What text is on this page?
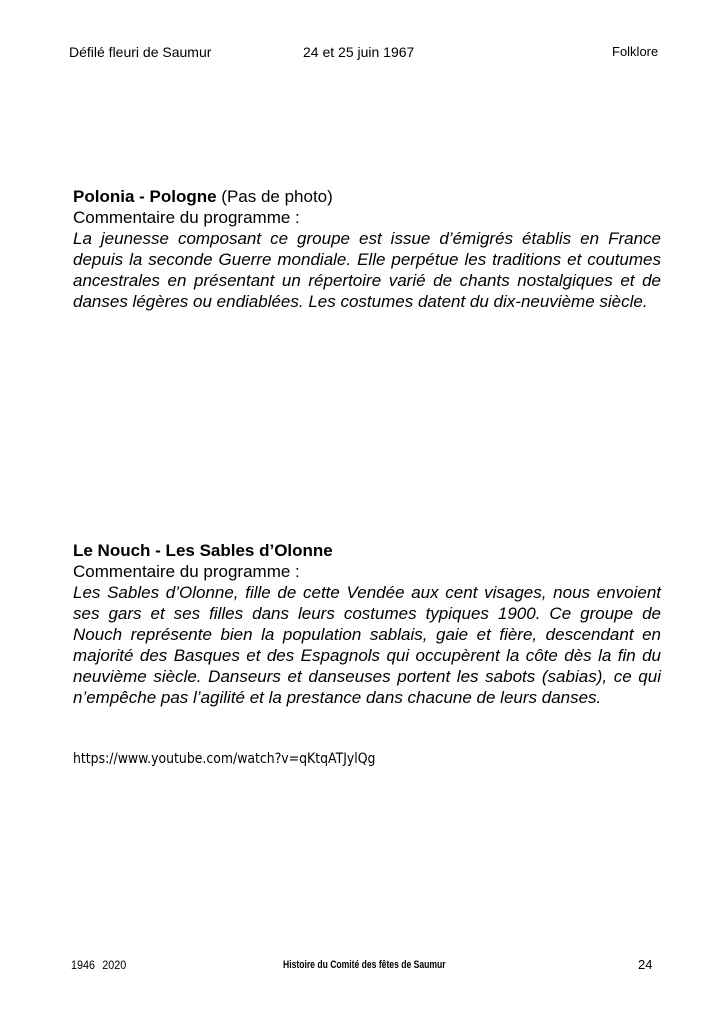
Défilé fleuri de Saumur	24 et 25 juin 1967	Folklore
Polonia - Pologne (Pas de photo)
Commentaire du programme :

La jeunesse composant ce groupe est issue d’émigrés établis en France depuis la seconde Guerre mondiale. Elle perpétue les traditions et coutumes ancestrales en présentant un répertoire varié de chants nostalgiques et de danses légères ou endiablées. Les costumes datent du dix-neuvième siècle.

Le Nouch - Les Sables d’Olonne
Commentaire du programme :

Les Sables d’Olonne, fille de cette Vendée aux cent visages, nous envoient ses gars et ses filles dans leurs costumes typiques 1900. Ce groupe de Nouch représente bien la population sablais, gaie et fière, descendant en majorité des Basques et des Espagnols qui occupèrent la côte dès la fin du neuvième siècle. Danseurs et danseuses portent les sabots (sabias), ce qui n’empêche pas l’agilité et la prestance dans chacune de leurs danses.

https://www.youtube.com/watch?v=qKtqATJylQg
1946 2020	Histoire du Comité des fêtes de Saumur	24
